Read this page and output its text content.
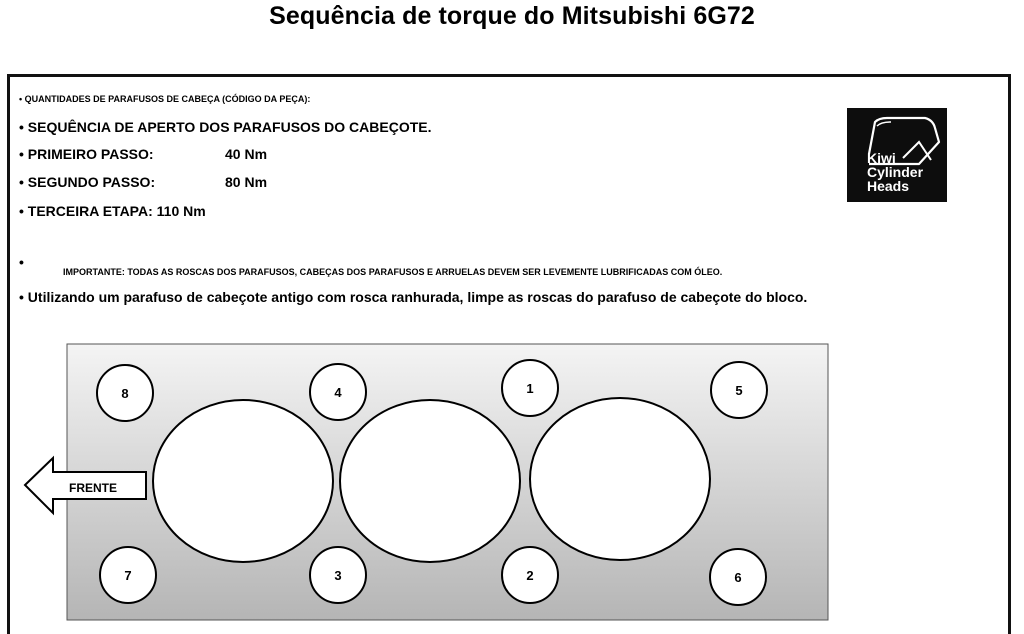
Sequência de torque do Mitsubishi 6G72
• QUANTIDADES DE PARAFUSOS DE CABEÇA (CÓDIGO DA PEÇA):
• SEQUÊNCIA DE APERTO DOS PARAFUSOS DO CABEÇOTE.
• PRIMEIRO PASSO:	40 Nm
• SEGUNDO PASSO:	80 Nm
• TERCEIRA ETAPA: 110 Nm
•
IMPORTANTE: TODAS AS ROSCAS DOS PARAFUSOS, CABEÇAS DOS PARAFUSOS E ARRUELAS DEVEM SER LEVEMENTE LUBRIFICADAS COM ÓLEO.
• Utilizando um parafuso de cabeçote antigo com rosca ranhurada, limpe as roscas do parafuso de cabeçote do bloco.
Kiwi
Cylinder
Heads
FRENTE
8	4	1	5
7	3	2	6
